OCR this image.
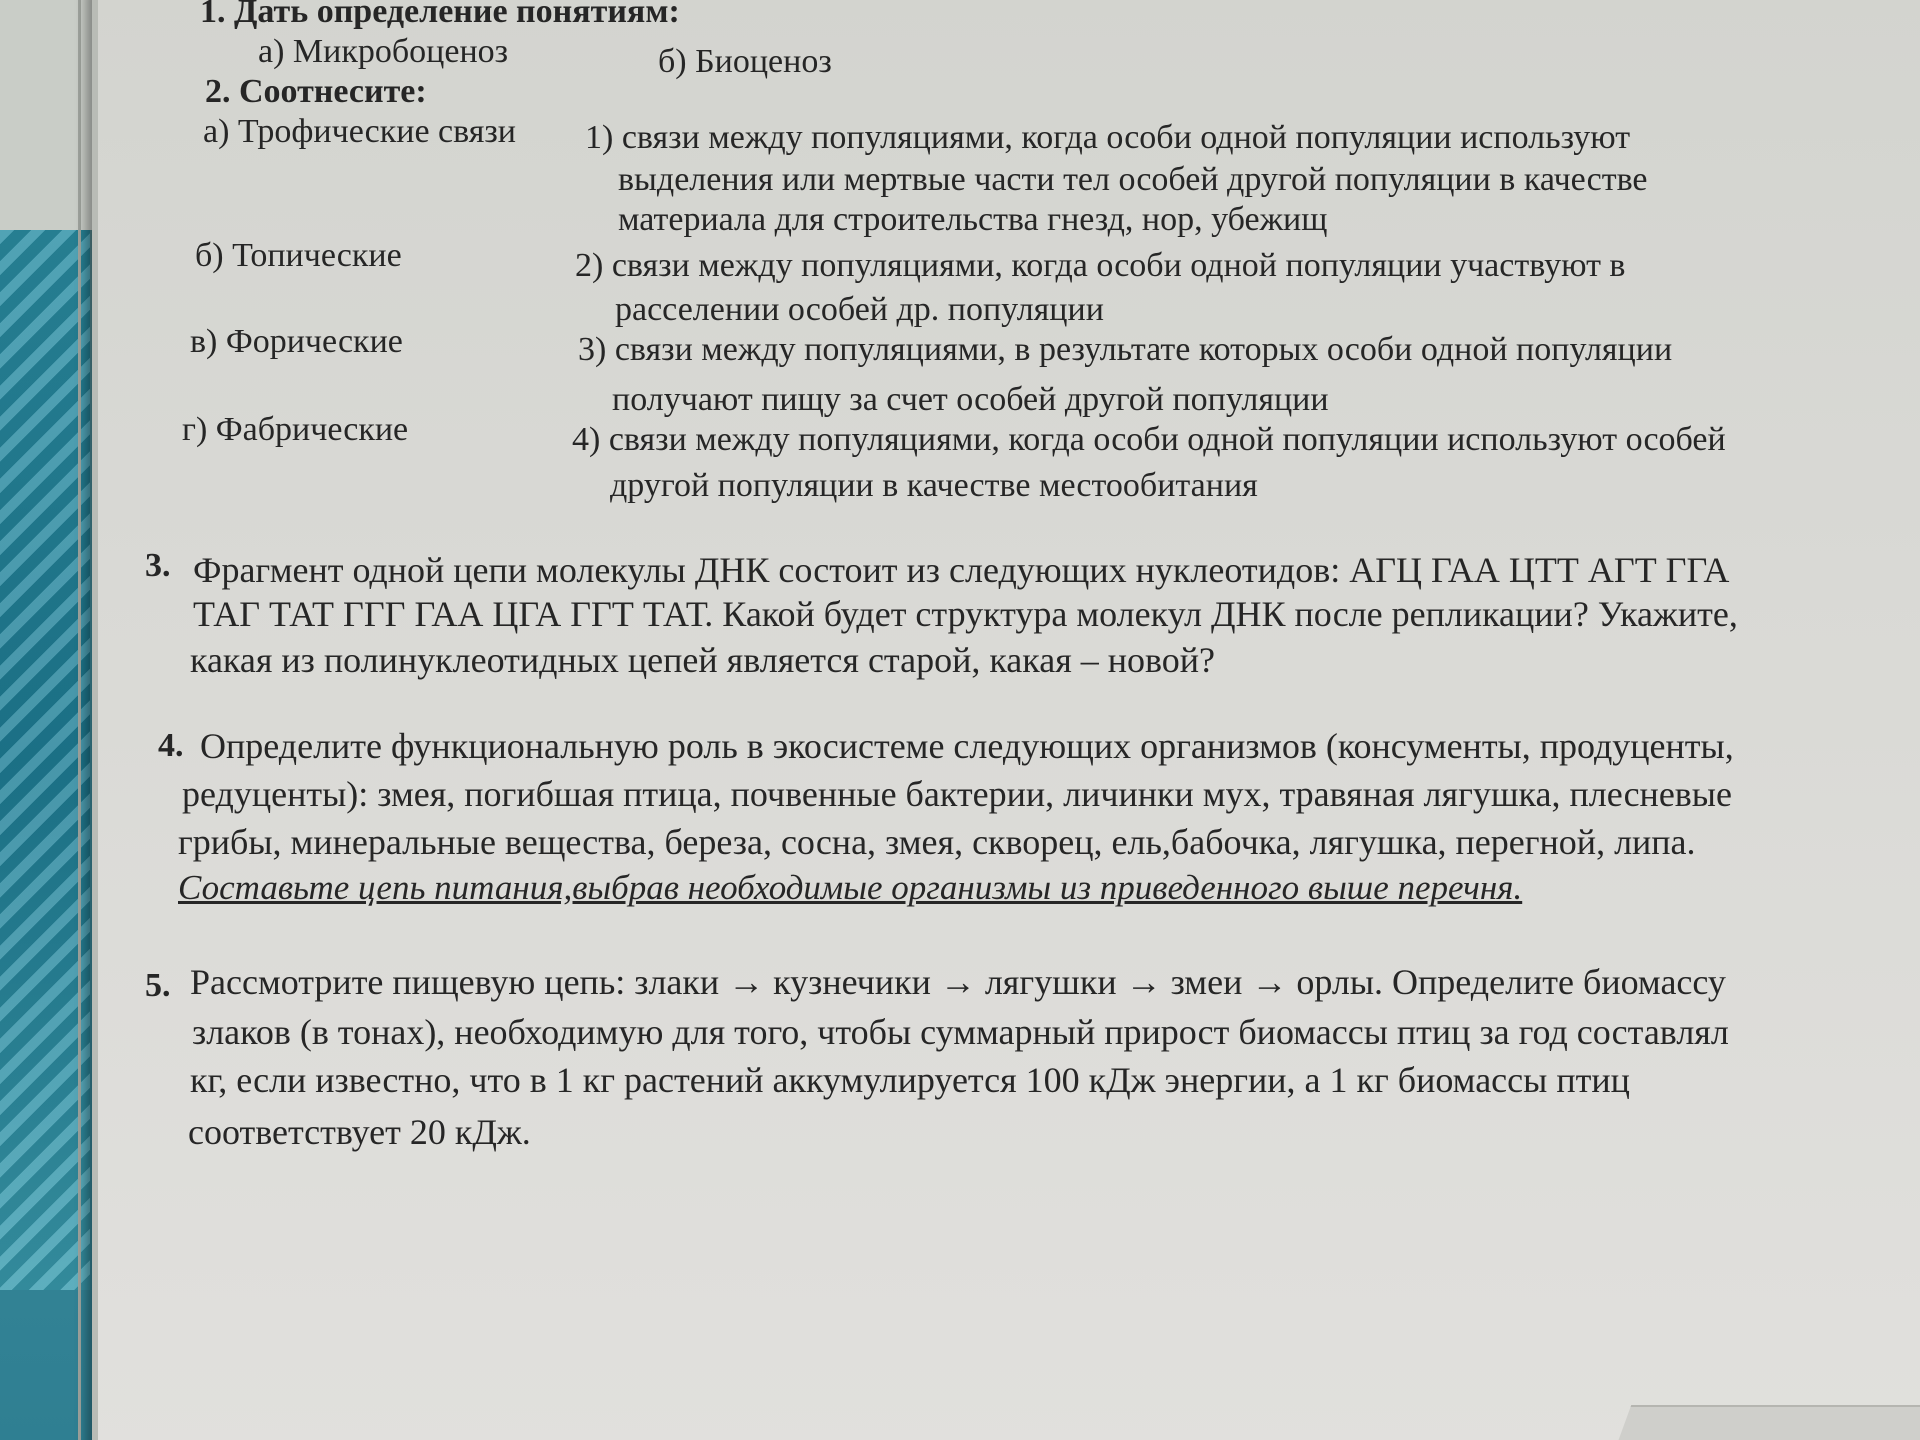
1. Дать определение понятиям:
а) Микробоценоз	б) Биоценоз
2. Соотнесите:
а) Трофические связи 1) связи между популяциями, когда особи одной популяции используют
выделения или мертвые части тел особей другой популяции в качестве
материала для строительства гнезд, нор, убежищ
б) Топические	2) связи между популяциями, когда особи одной популяции участвуют в
расселении особей др. популяции
в) Форические	3) связи между популяциями, в результате которых особи одной популяции
получают пищу за счет особей другой популяции
г) Фабрические	4) связи между популяциями, когда особи одной популяции используют особей
другой популяции в качестве местообитания
3. Фрагмент одной цепи молекулы ДНК состоит из следующих нуклеотидов: АГЦ ГАА ЦТТ АГТ ГГА
ТАГ ТАТ ГГГ ГАА ЦГА ГГТ ТАТ. Какой будет структура молекул ДНК после репликации? Укажите,
какая из полинуклеотидных цепей является старой, какая – новой?
4. Определите функциональную роль в экосистеме следующих организмов (консументы, продуценты,
редуценты): змея, погибшая птица, почвенные бактерии, личинки мух, травяная лягушка, плесневые
грибы, минеральные вещества, береза, сосна, змея, скворец, ель,бабочка, лягушка, перегной, липа.
Составьте цепь питания,выбрав необходимые организмы из приведенного выше перечня.
5. Рассмотрите пищевую цепь: злаки → кузнечики → лягушки → змеи → орлы. Определите биомассу
злаков (в тонах), необходимую для того, чтобы суммарный прирост биомассы птиц за год составлял
кг, если известно, что в 1 кг растений аккумулируется 100 кДж энергии, а 1 кг биомассы птиц
соответствует 20 кДж.
